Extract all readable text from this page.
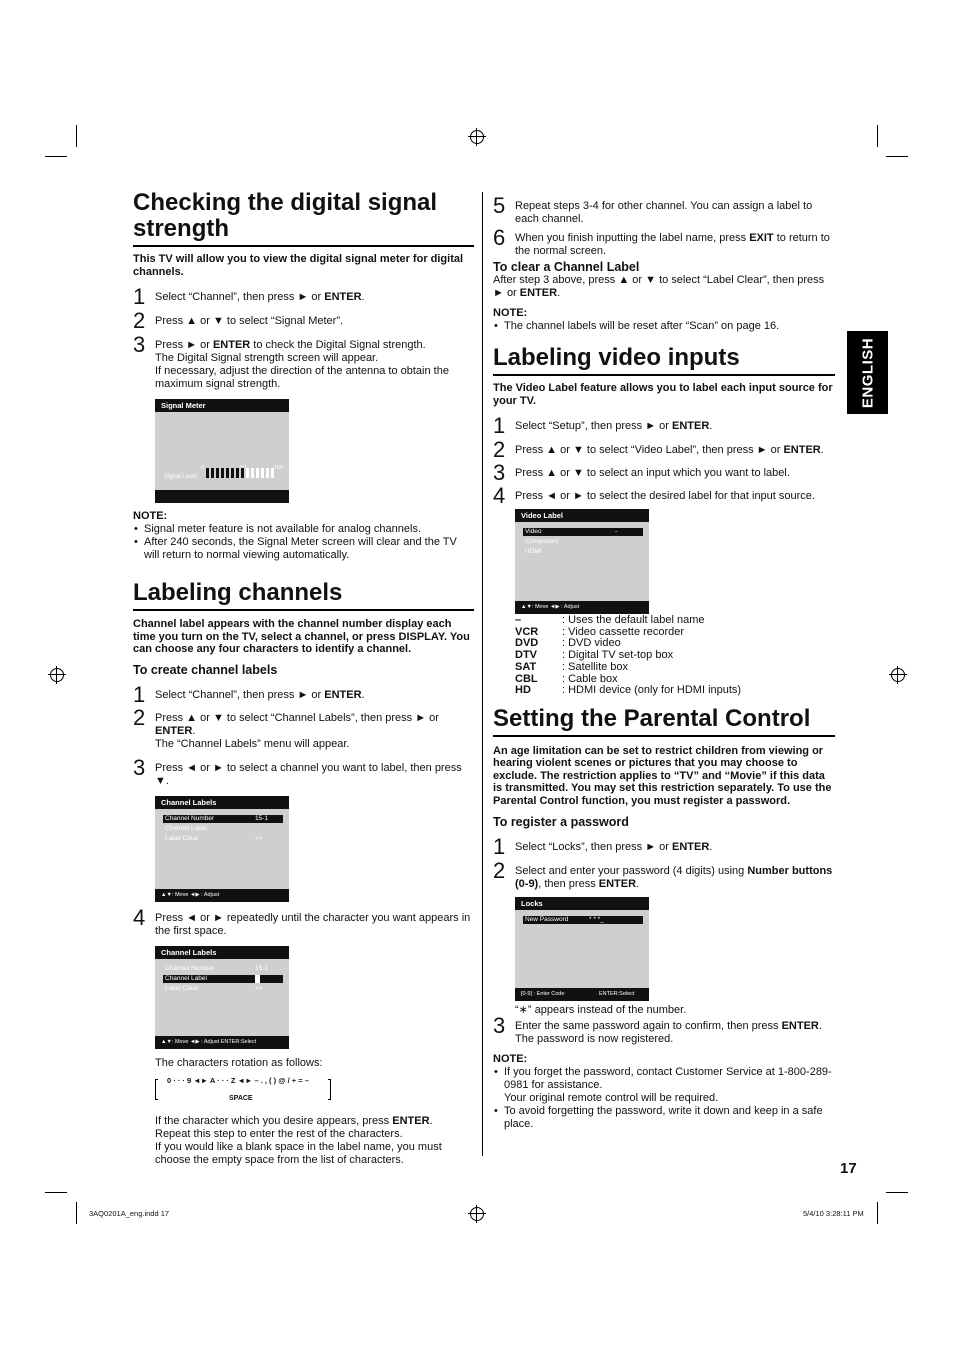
ENGLISH
Checking the digital signal strength
This TV will allow you to view the digital signal meter for digital channels.
1 Select “Channel”, then press ► or ENTER.
2 Press ▲ or ▼ to select “Signal Meter”.
3 Press ► or ENTER to check the Digital Signal strength.
The Digital Signal strength screen will appear.
If necessary, adjust the direction of the antenna to obtain the maximum signal strength.
Signal Meter
0	100
Signal Level
NOTE:
• Signal meter feature is not available for analog channels.
• After 240 seconds, the Signal Meter screen will clear and the TV will return to normal viewing automatically.
Labeling channels
Channel label appears with the channel number display each time you turn on the TV, select a channel, or press DISPLAY. You can choose any four characters to identify a channel.
To create channel labels
1 Select “Channel”, then press ► or ENTER.
2 Press ▲ or ▼ to select “Channel Labels”, then press ► or ENTER.
The “Channel Labels” menu will appear.
3 Press ◄ or ► to select a channel you want to label, then press ▼.
Channel Labels
Channel Number	15-1
Channel Label
Label Clear	>>
▲▼: Move ◄▶ : Adjust
4 Press ◄ or ► repeatedly until the character you want appears in the first space.
Channel Labels
Channel Number	15-1
Channel Label
Label Clear	>>
▲▼: Move ◄▶ : Adjust ENTER:Select
The characters rotation as follows:
0 · · · 9 ◄► A · · · Z ◄► – . , ( ) @ / + = –
SPACE
If the character which you desire appears, press ENTER.
Repeat this step to enter the rest of the characters.
If you would like a blank space in the label name, you must choose the empty space from the list of characters.
5 Repeat steps 3-4 for other channel. You can assign a label to each channel.
6 When you finish inputting the label name, press EXIT to return to the normal screen.
To clear a Channel Label
After step 3 above, press ▲ or ▼ to select “Label Clear”, then press ► or ENTER.
NOTE:
• The channel labels will be reset after “Scan” on page 16.
Labeling video inputs
The Video Label feature allows you to label each input source for your TV.
1 Select “Setup”, then press ► or ENTER.
2 Press ▲ or ▼ to select “Video Label”, then press ► or ENTER.
3 Press ▲ or ▼ to select an input which you want to label.
4 Press ◄ or ► to select the desired label for that input source.
Video Label
Video	-
Component	-
HDMI	-
▲▼: Move ◄▶ : Adjust
–	: Uses the default label name
VCR	: Video cassette recorder
DVD	: DVD video
DTV	: Digital TV set-top box
SAT	: Satellite box
CBL	: Cable box
HD	: HDMI device (only for HDMI inputs)
Setting the Parental Control
An age limitation can be set to restrict children from viewing or hearing violent scenes or pictures that you may choose to exclude. The restriction applies to “TV” and “Movie” if this data is transmitted. You may set this restriction separately. To use the Parental Control function, you must register a password.
To register a password
1 Select “Locks”, then press ► or ENTER.
2 Select and enter your password (4 digits) using Number buttons (0-9), then press ENTER.
Locks
New Password	* * *_
[0-9] : Enter Code	ENTER:Select
“∗” appears instead of the number.
3 Enter the same password again to confirm, then press ENTER.
The password is now registered.
NOTE:
• If you forget the password, contact Customer Service at 1-800-289-0981 for assistance.
Your original remote control will be required.
• To avoid forgetting the password, write it down and keep in a safe place.
17
3AQ0201A_eng.indd 17	5/4/10 3:28:11 PM
